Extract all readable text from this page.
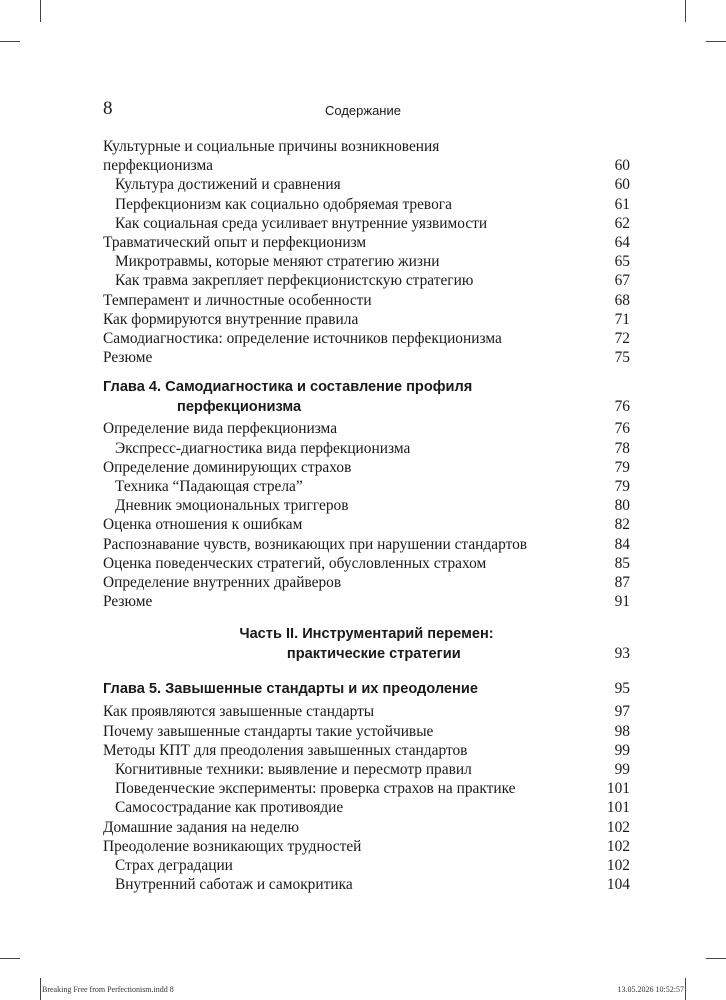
8	Содержание
Культурные и социальные причины возникновения
перфекционизма	60
Культура достижений и сравнения	60
Перфекционизм как социально одобряемая тревога	61
Как социальная среда усиливает внутренние уязвимости	62
Травматический опыт и перфекционизм	64
Микротравмы, которые меняют стратегию жизни	65
Как травма закрепляет перфекционистскую стратегию	67
Темперамент и личностные особенности	68
Как формируются внутренние правила	71
Самодиагностика: определение источников перфекционизма	72
Резюме	75
Глава 4. Самодиагностика и составление профиля
перфекционизма	76
Определение вида перфекционизма	76
Экспресс-диагностика вида перфекционизма	78
Определение доминирующих страхов	79
Техника “Падающая стрела”	79
Дневник эмоциональных триггеров	80
Оценка отношения к ошибкам	82
Распознавание чувств, возникающих при нарушении стандартов	84
Оценка поведенческих стратегий, обусловленных страхом	85
Определение внутренних драйверов	87
Резюме	91
Часть II. Инструментарий перемен:
практические стратегии	93
Глава 5. Завышенные стандарты и их преодоление	95
Как проявляются завышенные стандарты	97
Почему завышенные стандарты такие устойчивые	98
Методы КПТ для преодоления завышенных стандартов	99
Когнитивные техники: выявление и пересмотр правил	99
Поведенческие эксперименты: проверка страхов на практике	101
Самосострадание как противоядие	101
Домашние задания на неделю	102
Преодоление возникающих трудностей	102
Страх деградации	102
Внутренний саботаж и самокритика	104
Breaking Free from Perfectionism.indd 8	13.05.2026 10:52:57
